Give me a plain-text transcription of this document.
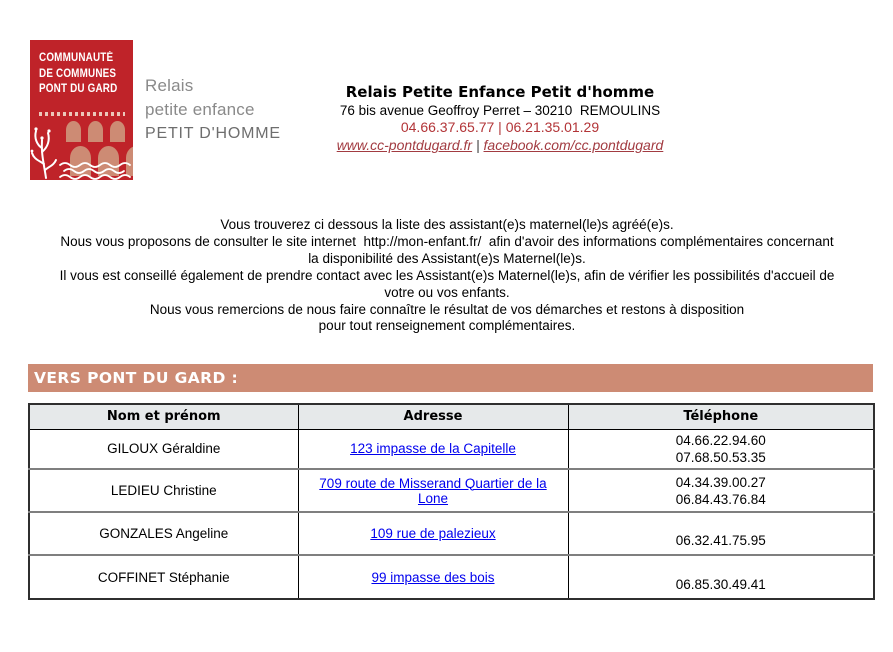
COMMUNAUTÉ
DE COMMUNES
PONT DU GARD	Relais
petite enfance
PETIT D'HOMME
Relais Petite Enfance Petit d'homme
76 bis avenue Geoffroy Perret – 30210  REMOULINS
04.66.37.65.77 | 06.21.35.01.29
www.cc-pontdugard.fr | facebook.com/cc.pontdugard
Vous trouverez ci dessous la liste des assistant(e)s maternel(le)s agréé(e)s.
Nous vous proposons de consulter le site internet  http://mon-enfant.fr/  afin d'avoir des informations complémentaires concernant
la disponibilité des Assistant(e)s Maternel(le)s.
Il vous est conseillé également de prendre contact avec les Assistant(e)s Maternel(le)s, afin de vérifier les possibilités d'accueil de
votre ou vos enfants.
Nous vous remercions de nous faire connaître le résultat de vos démarches et restons à disposition
pour tout renseignement complémentaires.
VERS PONT DU GARD :
Nom et prénom	Adresse	Téléphone
GILOUX Géraldine	123 impasse de la Capitelle	04.66.22.94.60
07.68.50.53.35

LEDIEU Christine	709 route de Misserand Quartier de la Lone	04.34.39.00.27
06.84.43.76.84

GONZALES Angeline	109 rue de palezieux	06.32.41.75.95

COFFINET Stéphanie	99 impasse des bois	06.85.30.49.41
